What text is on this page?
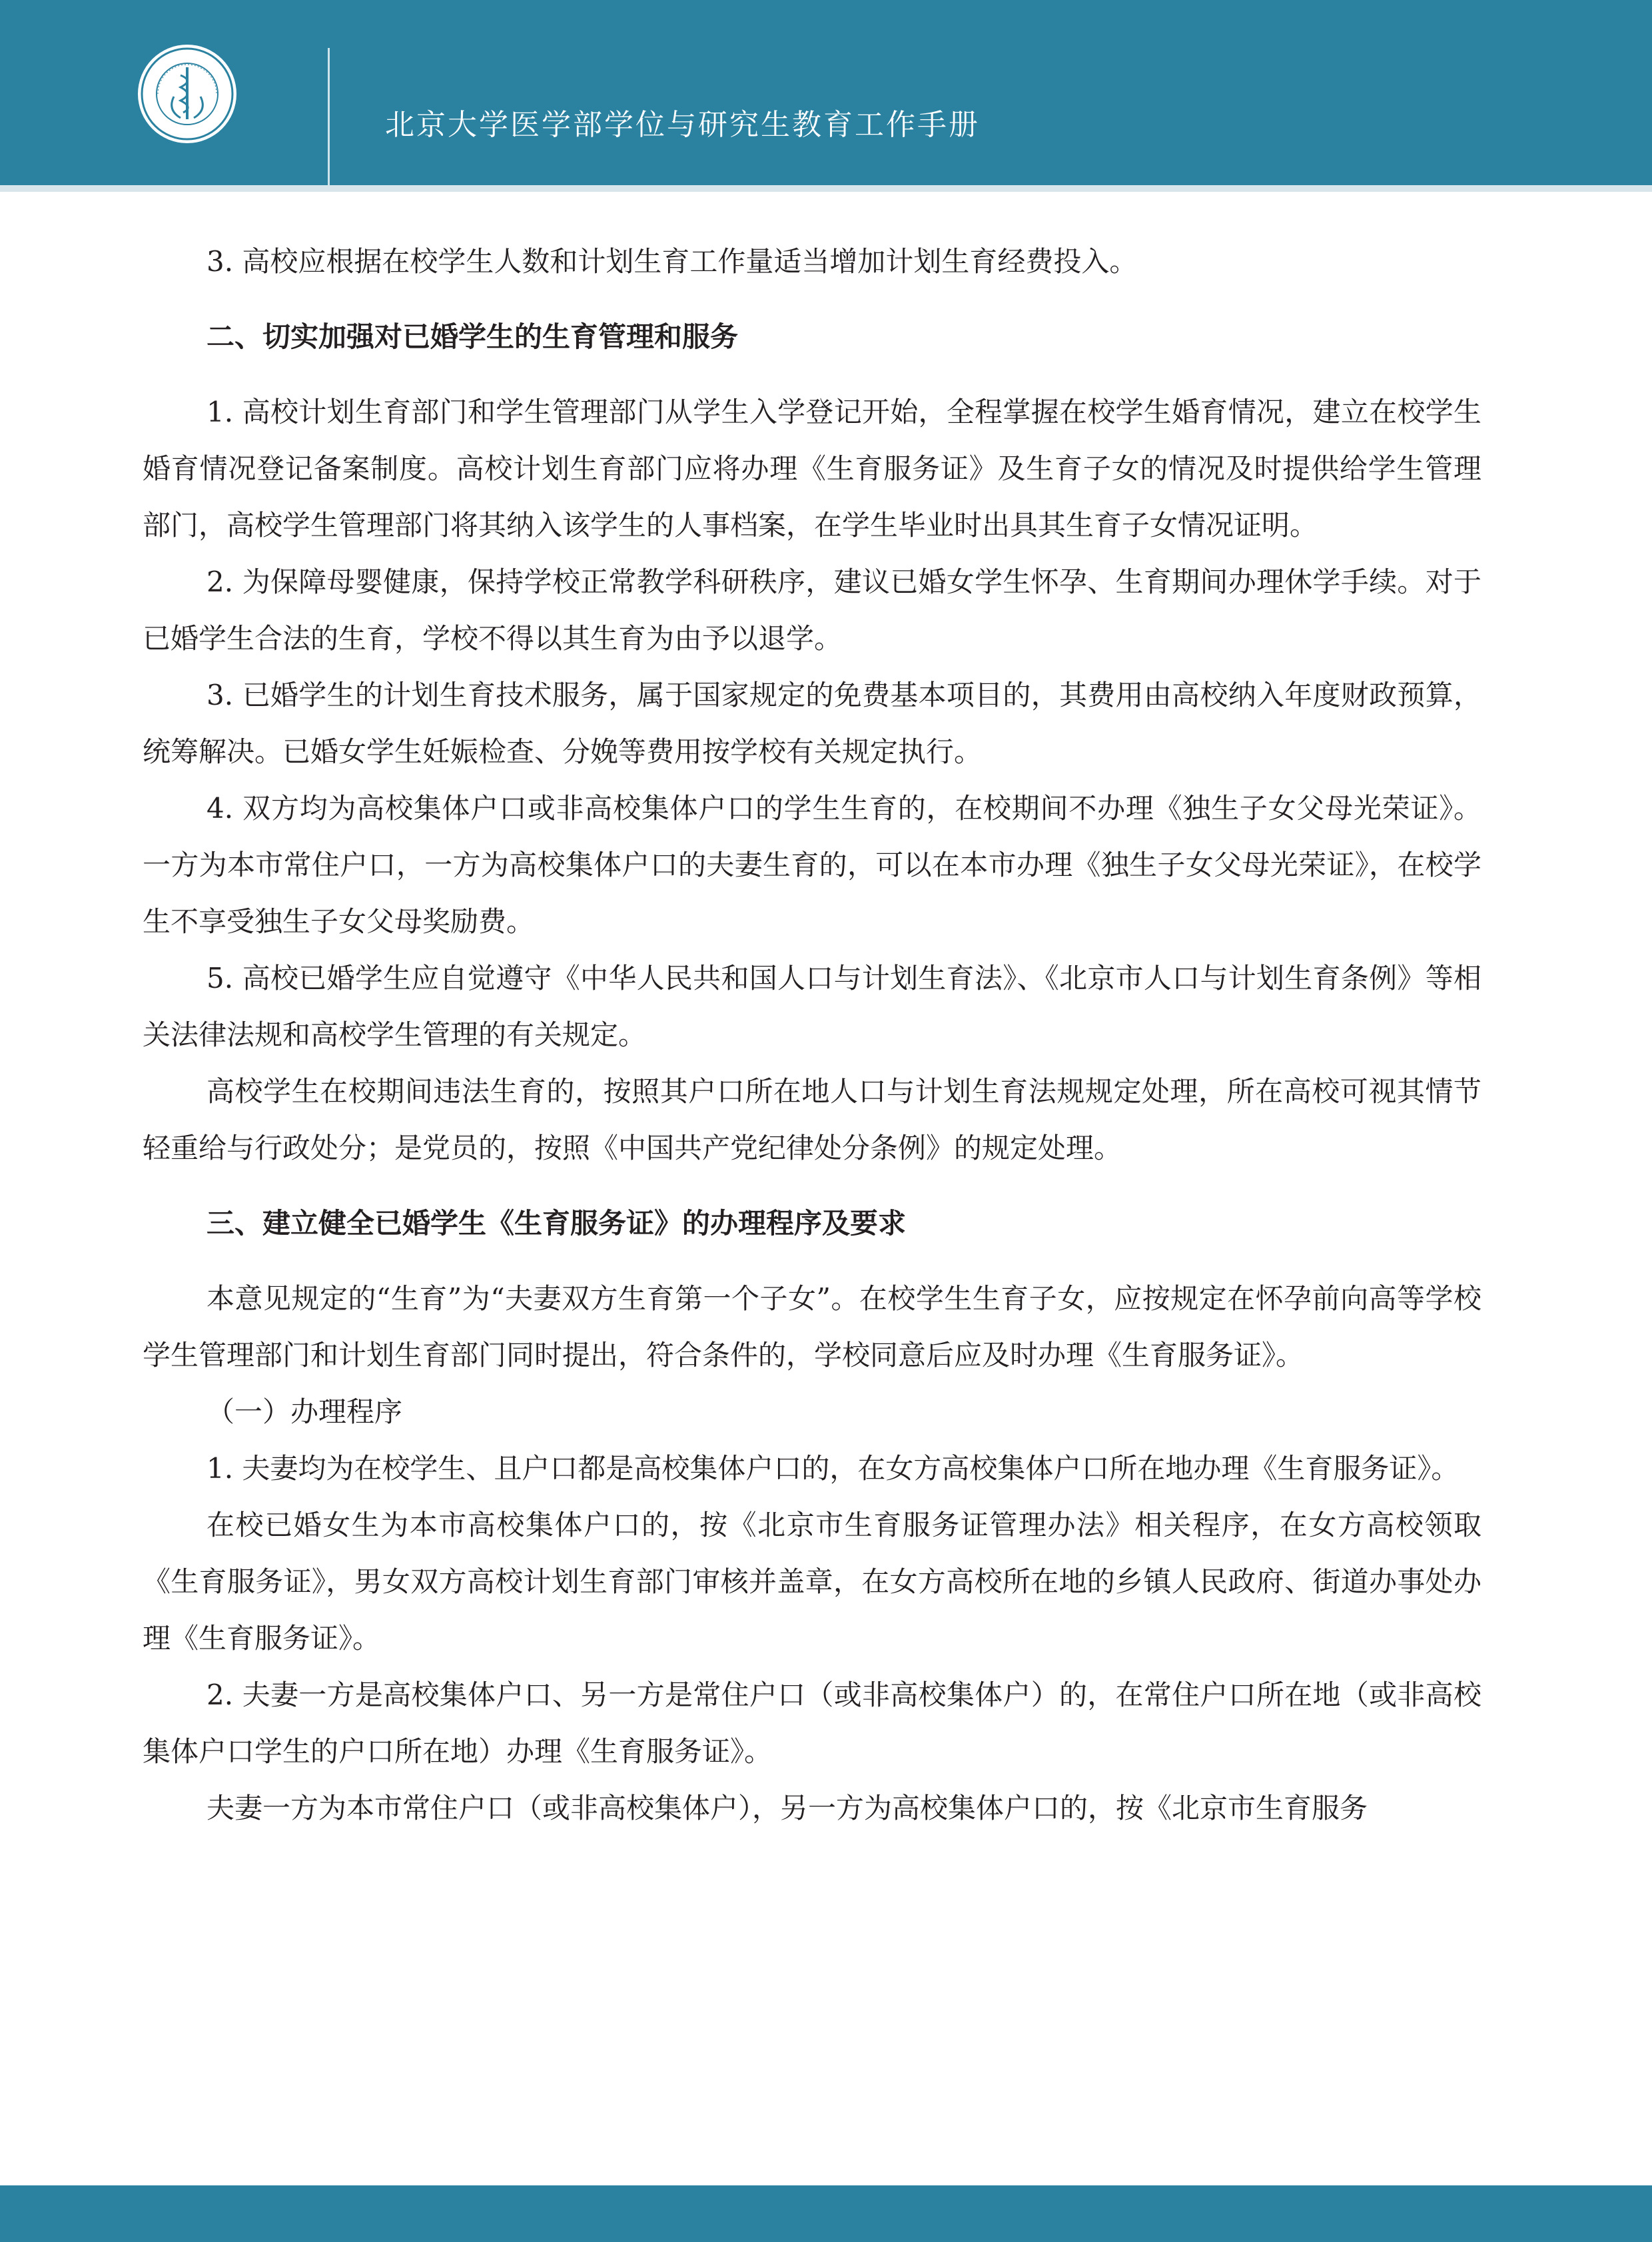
北京大学医学部学位与研究生教育工作手册

3. 高校应根据在校学生人数和计划生育工作量适当增加计划生育经费投入。

二、切实加强对已婚学生的生育管理和服务

1. 高校计划生育部门和学生管理部门从学生入学登记开始，全程掌握在校学生婚育情况，建立在校学生婚育情况登记备案制度。高校计划生育部门应将办理《生育服务证》及生育子女的情况及时提供给学生管理部门，高校学生管理部门将其纳入该学生的人事档案，在学生毕业时出具其生育子女情况证明。

2. 为保障母婴健康，保持学校正常教学科研秩序，建议已婚女学生怀孕、生育期间办理休学手续。对于已婚学生合法的生育，学校不得以其生育为由予以退学。

3. 已婚学生的计划生育技术服务，属于国家规定的免费基本项目的，其费用由高校纳入年度财政预算，统筹解决。已婚女学生妊娠检查、分娩等费用按学校有关规定执行。

4. 双方均为高校集体户口或非高校集体户口的学生生育的，在校期间不办理《独生子女父母光荣证》。一方为本市常住户口，一方为高校集体户口的夫妻生育的，可以在本市办理《独生子女父母光荣证》，在校学生不享受独生子女父母奖励费。

5. 高校已婚学生应自觉遵守《中华人民共和国人口与计划生育法》、《北京市人口与计划生育条例》等相关法律法规和高校学生管理的有关规定。

高校学生在校期间违法生育的，按照其户口所在地人口与计划生育法规规定处理，所在高校可视其情节轻重给与行政处分；是党员的，按照《中国共产党纪律处分条例》的规定处理。

三、建立健全已婚学生《生育服务证》的办理程序及要求

本意见规定的“生育”为“夫妻双方生育第一个子女”。在校学生生育子女，应按规定在怀孕前向高等学校学生管理部门和计划生育部门同时提出，符合条件的，学校同意后应及时办理《生育服务证》。

（一）办理程序

1. 夫妻均为在校学生、且户口都是高校集体户口的，在女方高校集体户口所在地办理《生育服务证》。

在校已婚女生为本市高校集体户口的，按《北京市生育服务证管理办法》相关程序，在女方高校领取《生育服务证》，男女双方高校计划生育部门审核并盖章，在女方高校所在地的乡镇人民政府、街道办事处办理《生育服务证》。

2. 夫妻一方是高校集体户口、另一方是常住户口（或非高校集体户）的，在常住户口所在地（或非高校集体户口学生的户口所在地）办理《生育服务证》。

夫妻一方为本市常住户口（或非高校集体户），另一方为高校集体户口的，按《北京市生育服务
